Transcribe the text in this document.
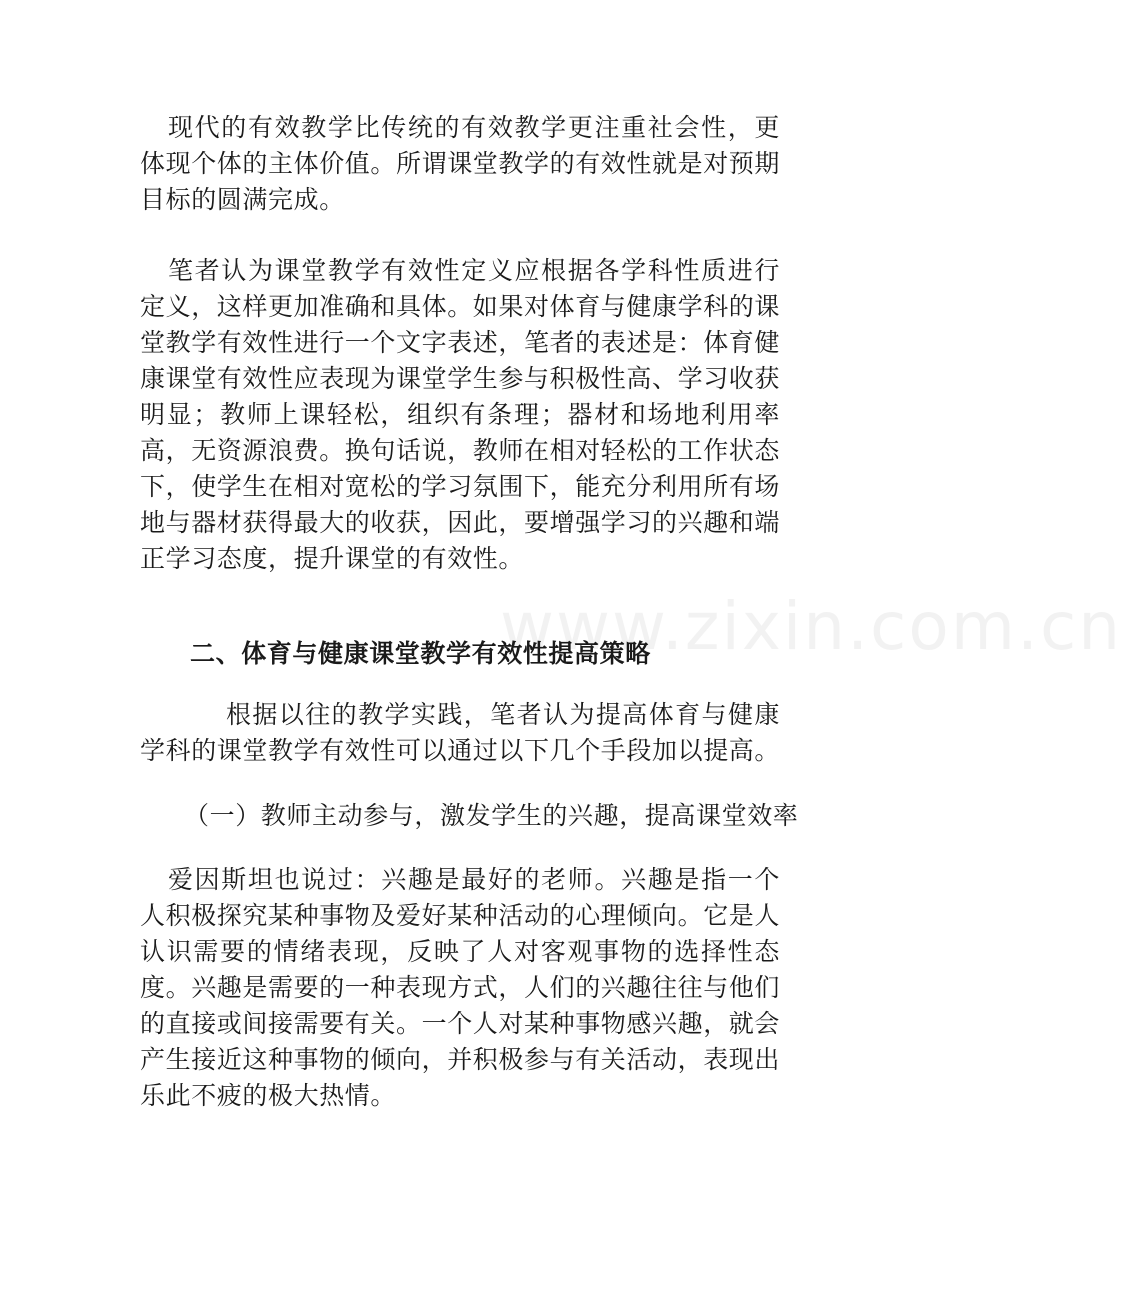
www.zixin.com.cn

现代的有效教学比传统的有效教学更注重社会性，更体现个体的主体价值。所谓课堂教学的有效性就是对预期目标的圆满完成。

笔者认为课堂教学有效性定义应根据各学科性质进行定义，这样更加准确和具体。如果对体育与健康学科的课堂教学有效性进行一个文字表述，笔者的表述是：体育健康课堂有效性应表现为课堂学生参与积极性高、学习收获明显；教师上课轻松，组织有条理；器材和场地利用率高，无资源浪费。换句话说，教师在相对轻松的工作状态下，使学生在相对宽松的学习氛围下，能充分利用所有场地与器材获得最大的收获，因此，要增强学习的兴趣和端正学习态度，提升课堂的有效性。

二、体育与健康课堂教学有效性提高策略

根据以往的教学实践，笔者认为提高体育与健康学科的课堂教学有效性可以通过以下几个手段加以提高。

（一）教师主动参与，激发学生的兴趣，提高课堂效率

爱因斯坦也说过：兴趣是最好的老师。兴趣是指一个人积极探究某种事物及爱好某种活动的心理倾向。它是人认识需要的情绪表现，反映了人对客观事物的选择性态度。兴趣是需要的一种表现方式，人们的兴趣往往与他们的直接或间接需要有关。一个人对某种事物感兴趣，就会产生接近这种事物的倾向，并积极参与有关活动，表现出乐此不疲的极大热情。
